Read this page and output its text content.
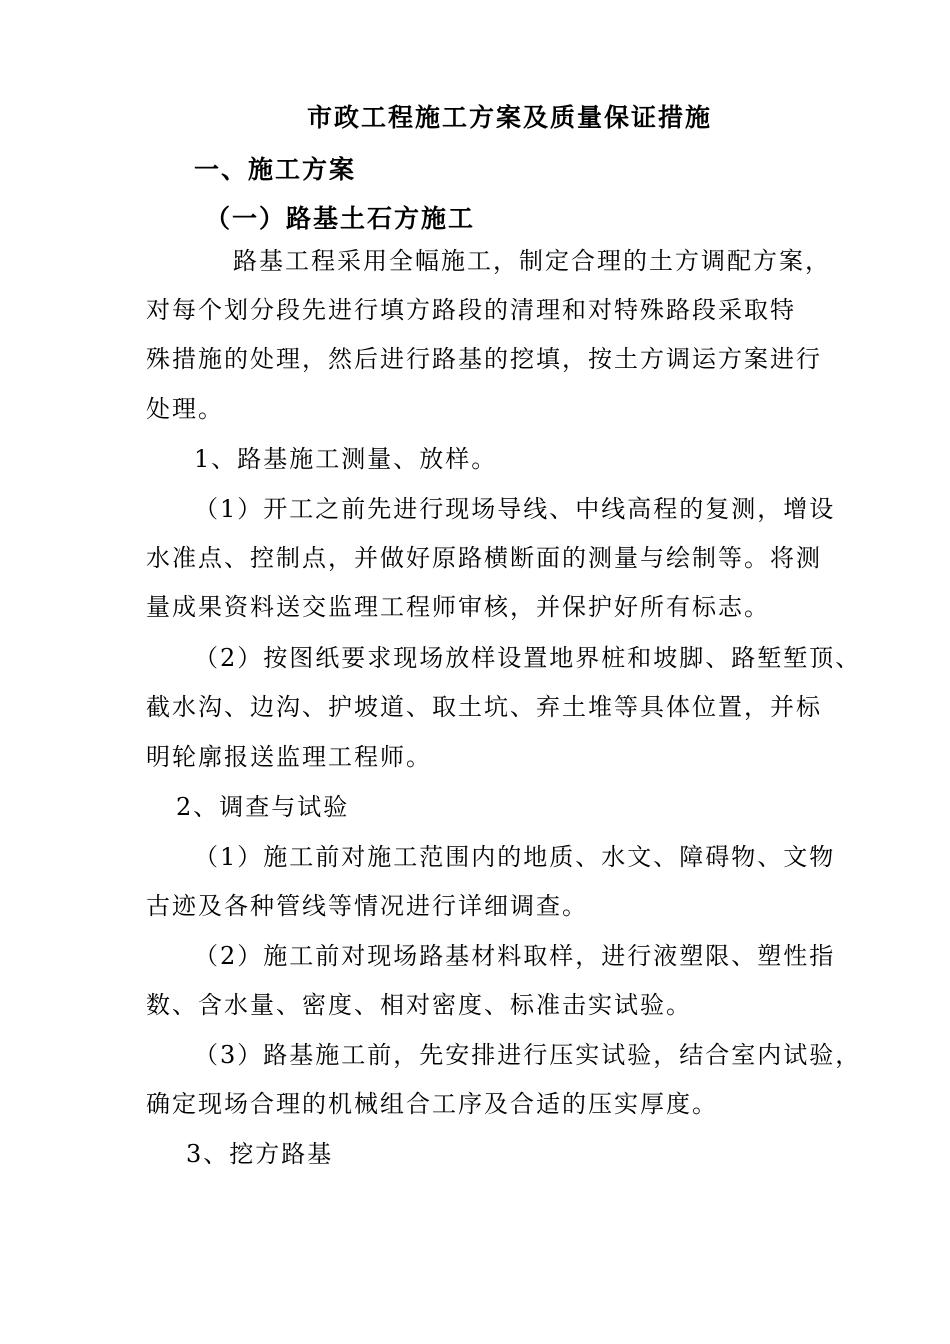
市政工程施工方案及质量保证措施
一、施工方案
（一）路基土石方施工
路基工程采用全幅施工，制定合理的土方调配方案，
对每个划分段先进行填方路段的清理和对特殊路段采取特
殊措施的处理，然后进行路基的挖填，按土方调运方案进行
处理。
1、路基施工测量、放样。
（1）开工之前先进行现场导线、中线高程的复测，增设
水准点、控制点，并做好原路横断面的测量与绘制等。将测
量成果资料送交监理工程师审核，并保护好所有标志。
（2）按图纸要求现场放样设置地界桩和坡脚、路堑堑顶、
截水沟、边沟、护坡道、取土坑、弃土堆等具体位置，并标
明轮廓报送监理工程师。
2、调查与试验
（1）施工前对施工范围内的地质、水文、障碍物、文物
古迹及各种管线等情况进行详细调查。
（2）施工前对现场路基材料取样，进行液塑限、塑性指
数、含水量、密度、相对密度、标准击实试验。
（3）路基施工前，先安排进行压实试验，结合室内试验，
确定现场合理的机械组合工序及合适的压实厚度。
3、挖方路基
